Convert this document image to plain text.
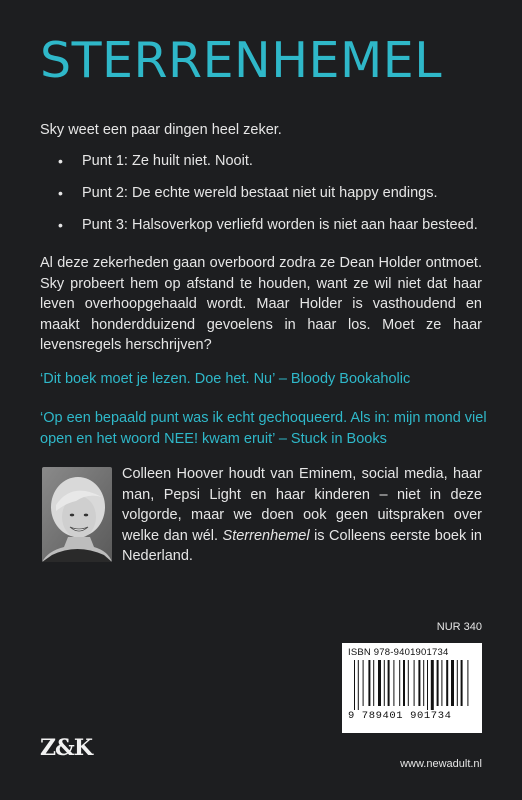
STERRENHEMEL
Sky weet een paar dingen heel zeker.
• Punt 1: Ze huilt niet. Nooit.
• Punt 2: De echte wereld bestaat niet uit happy endings.
• Punt 3: Halsoverkop verliefd worden is niet aan haar besteed.

Al deze zekerheden gaan overboord zodra ze Dean Holder ontmoet. Sky probeert hem op afstand te houden, want ze wil niet dat haar leven overhoopgehaald wordt. Maar Holder is vasthoudend en maakt honderdduizend gevoelens in haar los. Moet ze haar levensregels herschrijven?

‘Dit boek moet je lezen. Doe het. Nu’ – Bloody Bookaholic

‘Op een bepaald punt was ik echt gechoqueerd. Als in: mijn mond viel open en het woord NEE! kwam eruit’ – Stuck in Books

Colleen Hoover houdt van Eminem, social media, haar man, Pepsi Light en haar kinderen – niet in deze volgorde, maar we doen ook geen uitspraken over welke dan wél. Sterrenhemel is Colleens eerste boek in Nederland.

NUR 340
ISBN 978-9401901734
9 789401 901734
Z&K
www.newadult.nl
